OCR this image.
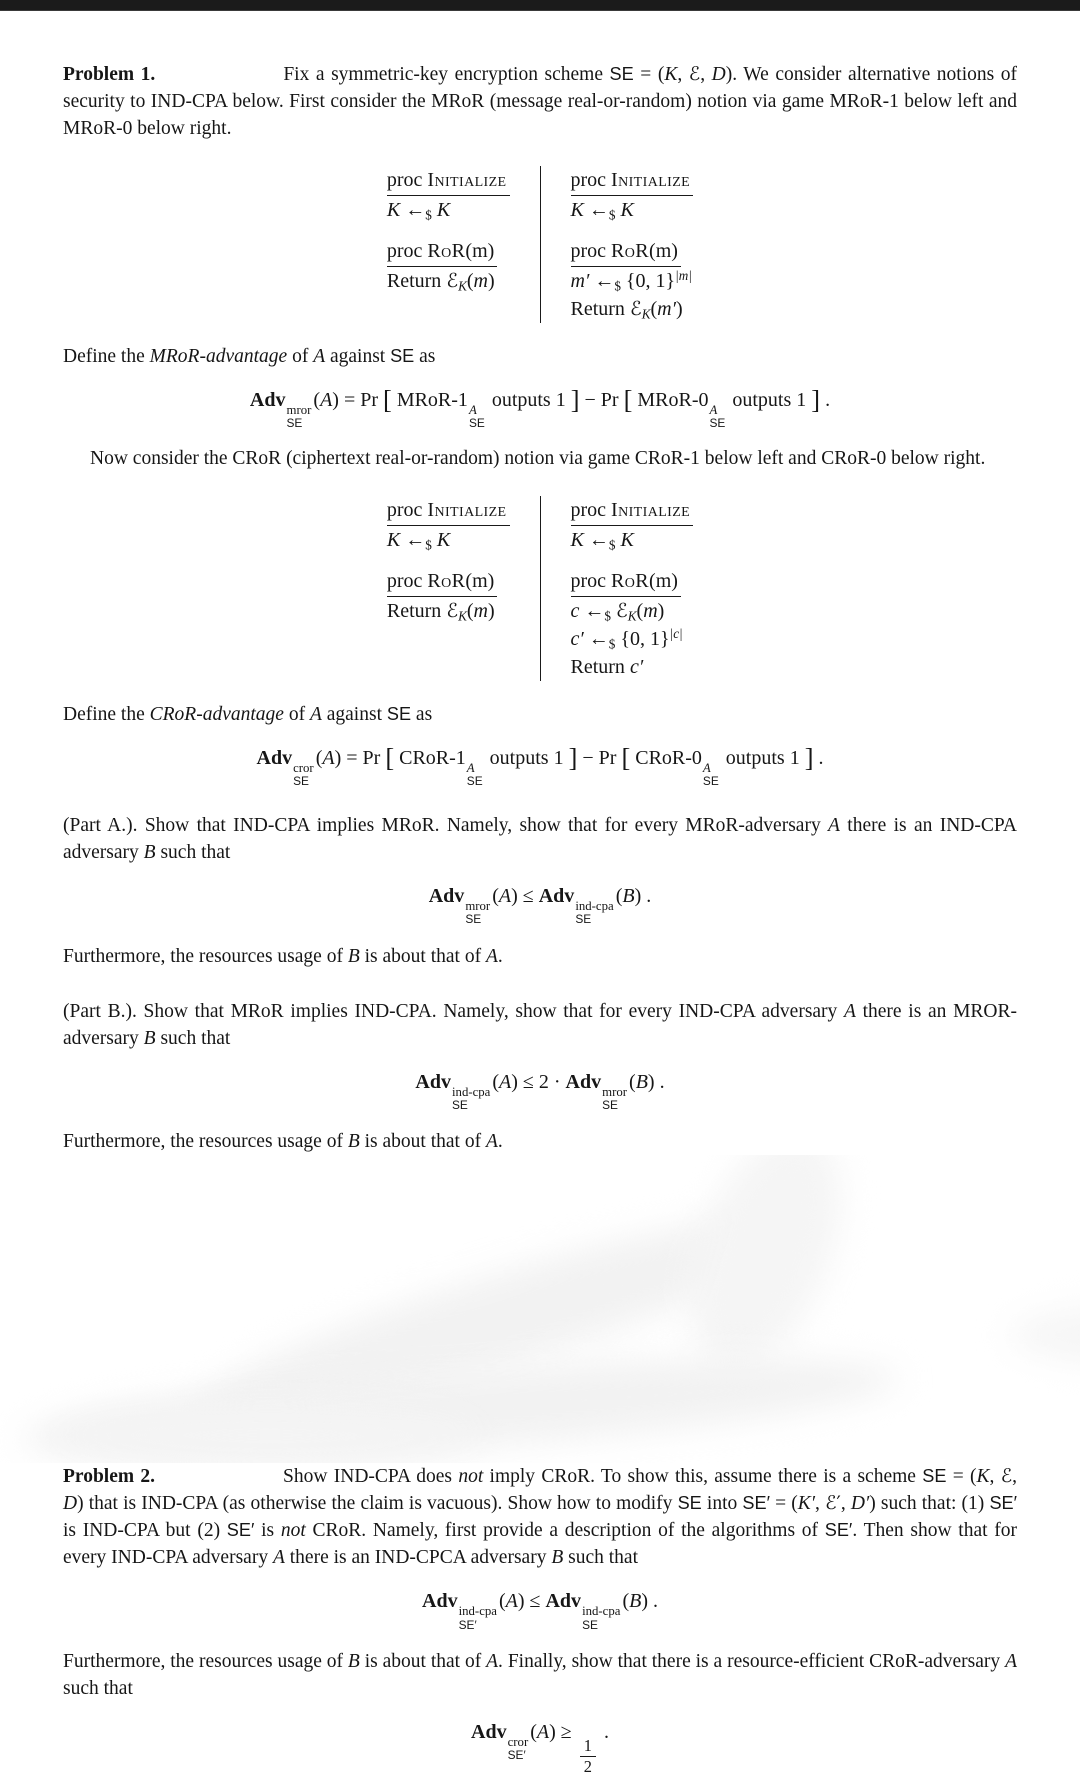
Problem 1.	Fix a symmetric-key encryption scheme SE = (K, ℰ, D). We consider alternative notions of security to IND-CPA below. First consider the MRoR (message real-or-random) notion via game MRoR-1 below left and MRoR-0 below right.

proc Initialize
K $\leftarrow_{\$}$ K
proc RoR(m)
Return ℰ$_K$(m)
proc Initialize
K $\leftarrow_{\$}$ K
proc RoR(m)
m′ $\leftarrow_{\$}$ {0, 1}$^{|m|}$
Return ℰ$_K$(m′)

Define the MRoR-advantage of A against SE as

Adv mror
SE
(A) = Pr [ MRoR-1 A
SE
outputs 1 ] − Pr [ MRoR-0 A
SE
outputs 1 ] .

Now consider the CRoR (ciphertext real-or-random) notion via game CRoR-1 below left and CRoR-0 below right.

proc Initialize
K $\leftarrow_{\$}$ K
proc RoR(m)
Return ℰ$_K$(m)
proc Initialize
K $\leftarrow_{\$}$ K
proc RoR(m)
c $\leftarrow_{\$}$ ℰ$_K$(m)
c′ $\leftarrow_{\$}$ {0, 1}$^{|c|}$
Return c′

Define the CRoR-advantage of A against SE as

Adv cror
SE
(A) = Pr [ CRoR-1 A
SE
outputs 1 ] − Pr [ CRoR-0 A
SE
outputs 1 ] .

(Part A.). Show that IND-CPA implies MRoR. Namely, show that for every MRoR-adversary A there is an IND-CPA adversary B such that

Adv mror
SE
(A) ≤ Adv ind-cpa
SE
(B) .

Furthermore, the resources usage of B is about that of A.

(Part B.). Show that MRoR implies IND-CPA. Namely, show that for every IND-CPA adversary A there is an MROR-adversary B such that

Adv ind-cpa
SE
(A) ≤ 2 · Adv mror
SE
(B) .

Furthermore, the resources usage of B is about that of A.

Problem 2.	Show IND-CPA does not imply CRoR. To show this, assume there is a scheme SE = (K, ℰ, D) that is IND-CPA (as otherwise the claim is vacuous). Show how to modify SE into SE′ = (K′, ℰ′, D′) such that: (1) SE′ is IND-CPA but (2) SE′ is not CRoR. Namely, first provide a description of the algorithms of SE′. Then show that for every IND-CPA adversary A there is an IND-CPCA adversary B such that

Adv ind-cpa
SE′
(A) ≤ Adv ind-cpa
SE
(B) .

Furthermore, the resources usage of B is about that of A. Finally, show that there is a resource-efficient CRoR-adversary A such that

Adv cror
SE′
(A) ≥
$\frac{1}{2}$
.
